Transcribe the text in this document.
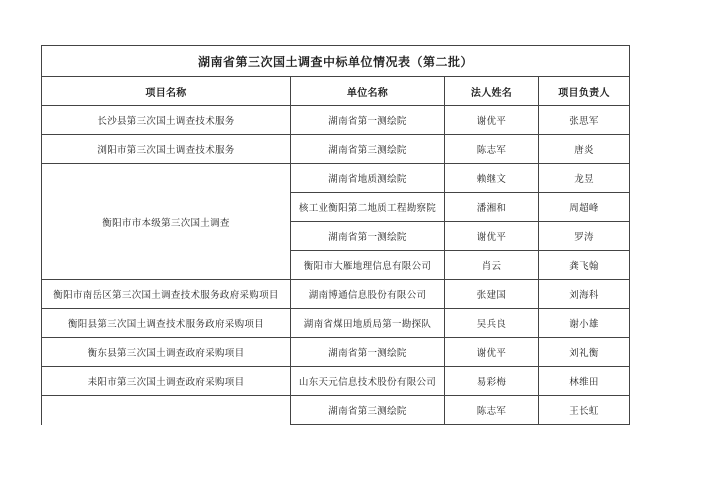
湖南省第三次国土调查中标单位情况表（第二批）			
项目名称	单位名称	法人姓名	项目负责人
长沙县第三次国土调查技术服务	湖南省第一测绘院	谢优平	张思军
浏阳市第三次国土调查技术服务	湖南省第三测绘院	陈志军	唐炎
衡阳市市本级第三次国土调查	湖南省地质测绘院	赖继文	龙昱
	核工业衡阳第二地质工程勘察院	潘湘和	周超峰
	湖南省第一测绘院	谢优平	罗涛
	衡阳市大雁地理信息有限公司	肖云	龚飞翰
衡阳市南岳区第三次国土调查技术服务政府采购项目	湖南博通信息股份有限公司	张建国	刘海科
衡阳县第三次国土调查技术服务政府采购项目	湖南省煤田地质局第一勘探队	吴兵良	谢小雄
衡东县第三次国土调查政府采购项目	湖南省第一测绘院	谢优平	刘礼衡
耒阳市第三次国土调查政府采购项目	山东天元信息技术股份有限公司	易彩梅	林维田
	湖南省第三测绘院	陈志军	王长虹
